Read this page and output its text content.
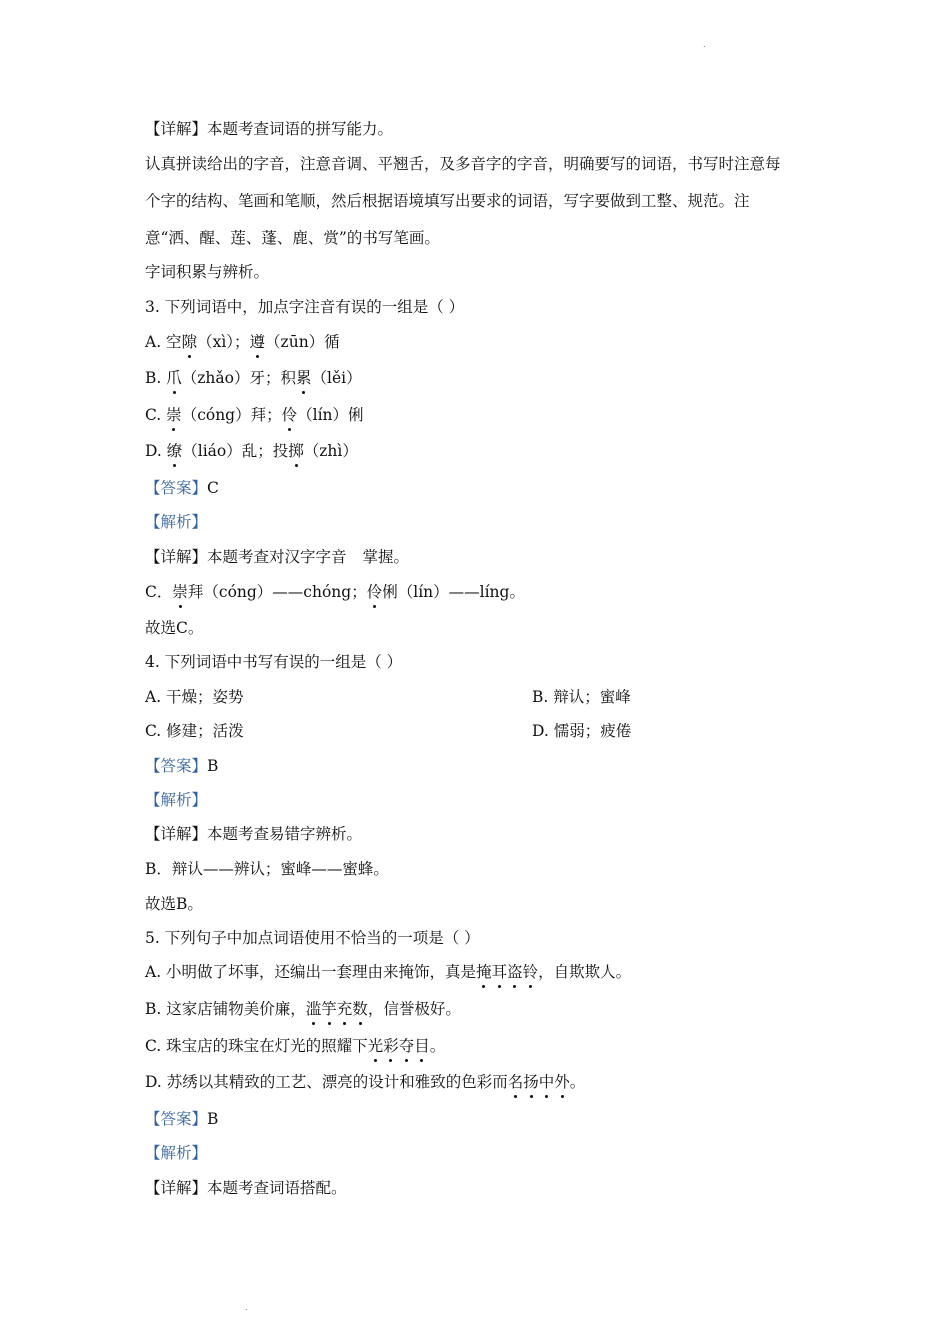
.
.
【详解】本题考查词语的拼写能力。
认真拼读给出的字音，注意音调、平翘舌，及多音字的字音，明确要写的词语，书写时注意每
个字的结构、笔画和笔顺，然后根据语境填写出要求的词语，写字要做到工整、规范。注
意“洒、醒、莲、蓬、鹿、赏”的书写笔画。
字词积累与辨析。
3. 下列词语中，加点字注音有误的一组是（ ）
A. 空隙（xì）；遵（zūn）循
B. 爪（zhǎo）牙；积累（lěi）
C. 崇（cóng）拜；伶（lín）俐
D. 缭（liáo）乱；投掷（zhì）
【答案】C
【解析】
【详解】本题考查对汉字字音 掌握。
C．崇拜（cóng）——chóng；伶俐（lín）——líng。
故选C。
4. 下列词语中书写有误的一组是（ ）
A. 干燥；姿势	B. 辩认；蜜峰
C. 修建；活泼	D. 懦弱；疲倦
【答案】B
【解析】
【详解】本题考查易错字辨析。
B．辩认——辨认；蜜峰——蜜蜂。
故选B。
5. 下列句子中加点词语使用不恰当的一项是（ ）
A. 小明做了坏事，还编出一套理由来掩饰，真是掩耳盗铃，自欺欺人。
B. 这家店铺物美价廉，滥竽充数，信誉极好。
C. 珠宝店的珠宝在灯光的照耀下光彩夺目。
D. 苏绣以其精致的工艺、漂亮的设计和雅致的色彩而名扬中外。
【答案】B
【解析】
【详解】本题考查词语搭配。
